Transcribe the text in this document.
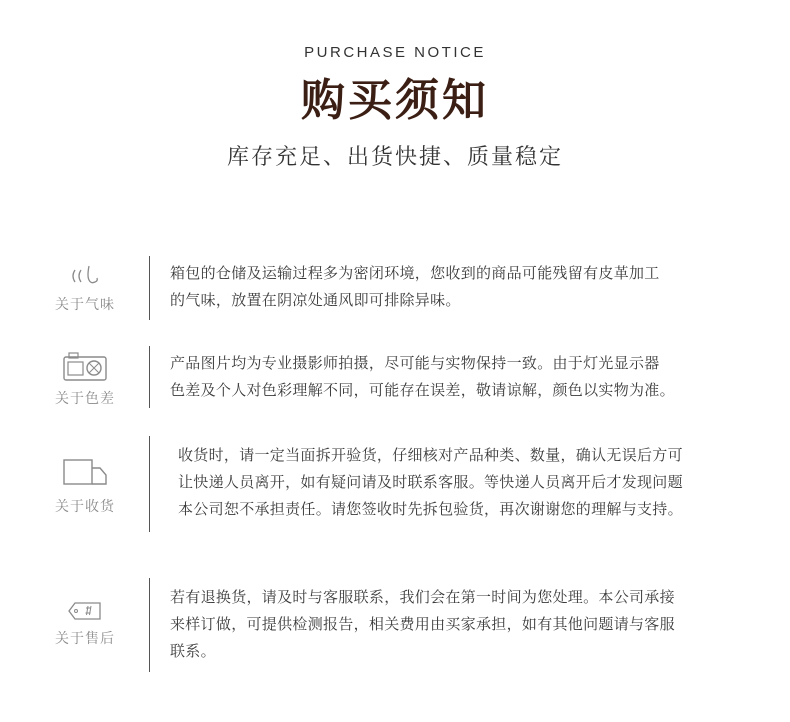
PURCHASE NOTICE
购买须知
库存充足、出货快捷、质量稳定
关于气味
箱包的仓储及运输过程多为密闭环境，您收到的商品可能残留有皮革加工
的气味，放置在阴凉处通风即可排除异味。
关于色差
产品图片均为专业摄影师拍摄，尽可能与实物保持一致。由于灯光显示器
色差及个人对色彩理解不同，可能存在误差，敬请谅解，颜色以实物为准。
关于收货
收货时，请一定当面拆开验货，仔细核对产品种类、数量，确认无误后方可
让快递人员离开，如有疑问请及时联系客服。等快递人员离开后才发现问题
本公司恕不承担责任。请您签收时先拆包验货，再次谢谢您的理解与支持。
关于售后
若有退换货，请及时与客服联系，我们会在第一时间为您处理。本公司承接
来样订做，可提供检测报告，相关费用由买家承担，如有其他问题请与客服
联系。
